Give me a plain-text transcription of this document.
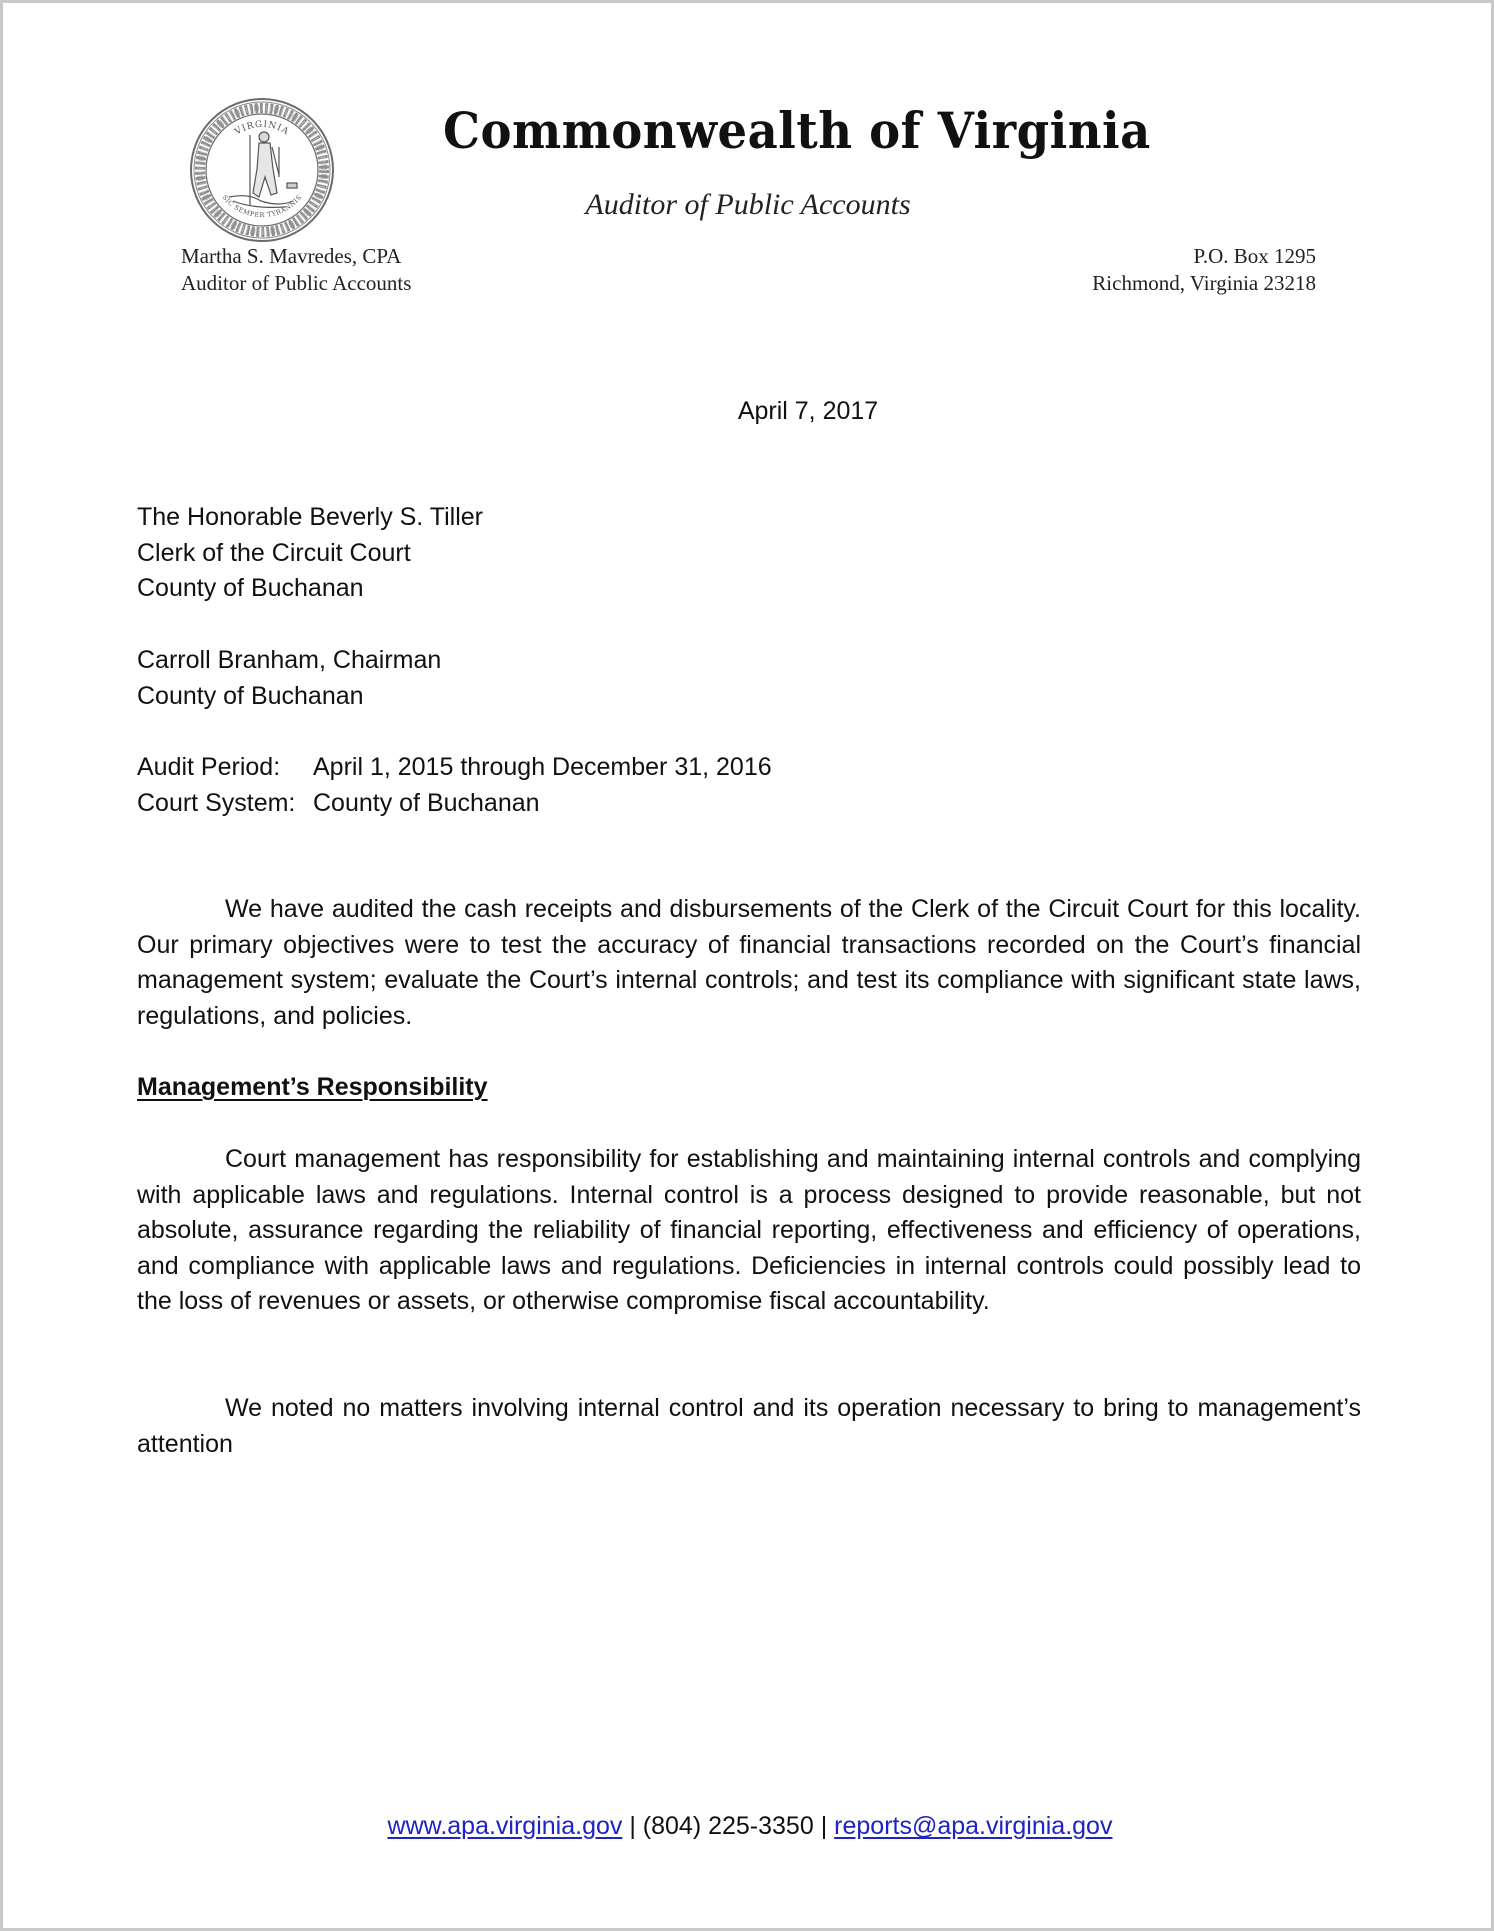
VIRGINIA
SIC SEMPER TYRANNIS
Commonwealth of Virginia
Auditor of Public Accounts
Martha S. Mavredes, CPA
Auditor of Public Accounts
P.O. Box 1295
Richmond, Virginia 23218
April 7, 2017
The Honorable Beverly S. Tiller
Clerk of the Circuit Court
County of Buchanan
Carroll Branham, Chairman
County of Buchanan
Audit Period:	April 1, 2015 through December 31, 2016
Court System: County of Buchanan

We have audited the cash receipts and disbursements of the Clerk of the Circuit Court for this locality. Our primary objectives were to test the accuracy of financial transactions recorded on the Court’s financial management system; evaluate the Court’s internal controls; and test its compliance with significant state laws, regulations, and policies.

Management’s Responsibility

Court management has responsibility for establishing and maintaining internal controls and complying with applicable laws and regulations. Internal control is a process designed to provide reasonable, but not absolute, assurance regarding the reliability of financial reporting, effectiveness and efficiency of operations, and compliance with applicable laws and regulations. Deficiencies in internal controls could possibly lead to the loss of revenues or assets, or otherwise compromise fiscal accountability.

We noted no matters involving internal control and its operation necessary to bring to management’s attention

www.apa.virginia.gov | (804) 225-3350 | reports@apa.virginia.gov
